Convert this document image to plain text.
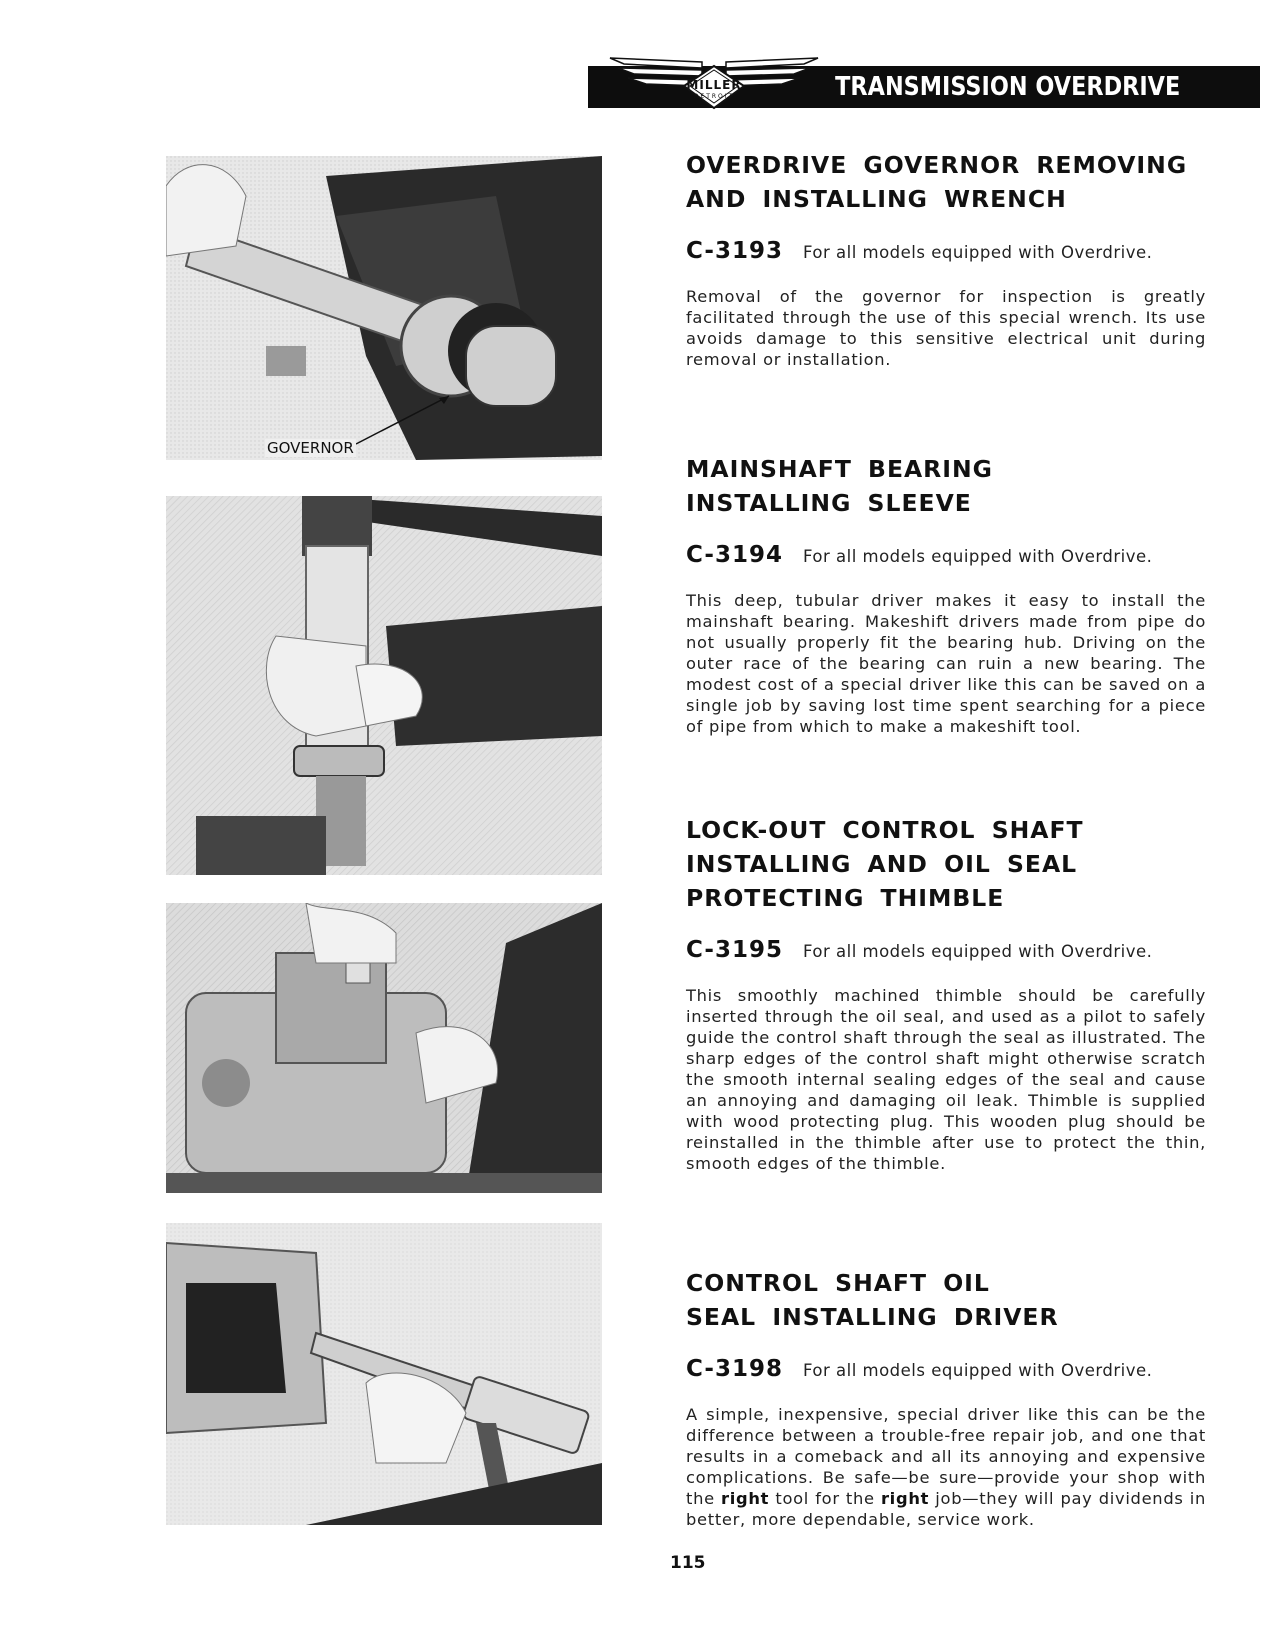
TRANSMISSION OVERDRIVE
MILLER
DETROIT
GOVERNOR
OVERDRIVE GOVERNOR REMOVING
AND INSTALLING WRENCH
C-3193 For all models equipped with Overdrive.

Removal of the governor for inspection is greatly facilitated through the use of this special wrench. Its use avoids damage to this sensitive electrical unit during removal or installation.

MAINSHAFT BEARING
INSTALLING SLEEVE
C-3194 For all models equipped with Overdrive.

This deep, tubular driver makes it easy to install the mainshaft bearing. Makeshift drivers made from pipe do not usually properly fit the bearing hub. Driving on the outer race of the bearing can ruin a new bearing. The modest cost of a special driver like this can be saved on a single job by saving lost time spent searching for a piece of pipe from which to make a makeshift tool.

LOCK-OUT CONTROL SHAFT
INSTALLING AND OIL SEAL
PROTECTING THIMBLE
C-3195 For all models equipped with Overdrive.

This smoothly machined thimble should be carefully inserted through the oil seal, and used as a pilot to safely guide the control shaft through the seal as illustrated. The sharp edges of the control shaft might otherwise scratch the smooth internal sealing edges of the seal and cause an annoying and damaging oil leak. Thimble is supplied with wood protecting plug. This wooden plug should be reinstalled in the thimble after use to protect the thin, smooth edges of the thimble.

CONTROL SHAFT OIL
SEAL INSTALLING DRIVER
C-3198 For all models equipped with Overdrive.

A simple, inexpensive, special driver like this can be the difference between a trouble-free repair job, and one that results in a comeback and all its annoying and expensive complications. Be safe—be sure—provide your shop with the right tool for the right job—they will pay dividends in better, more dependable, service work.

115
